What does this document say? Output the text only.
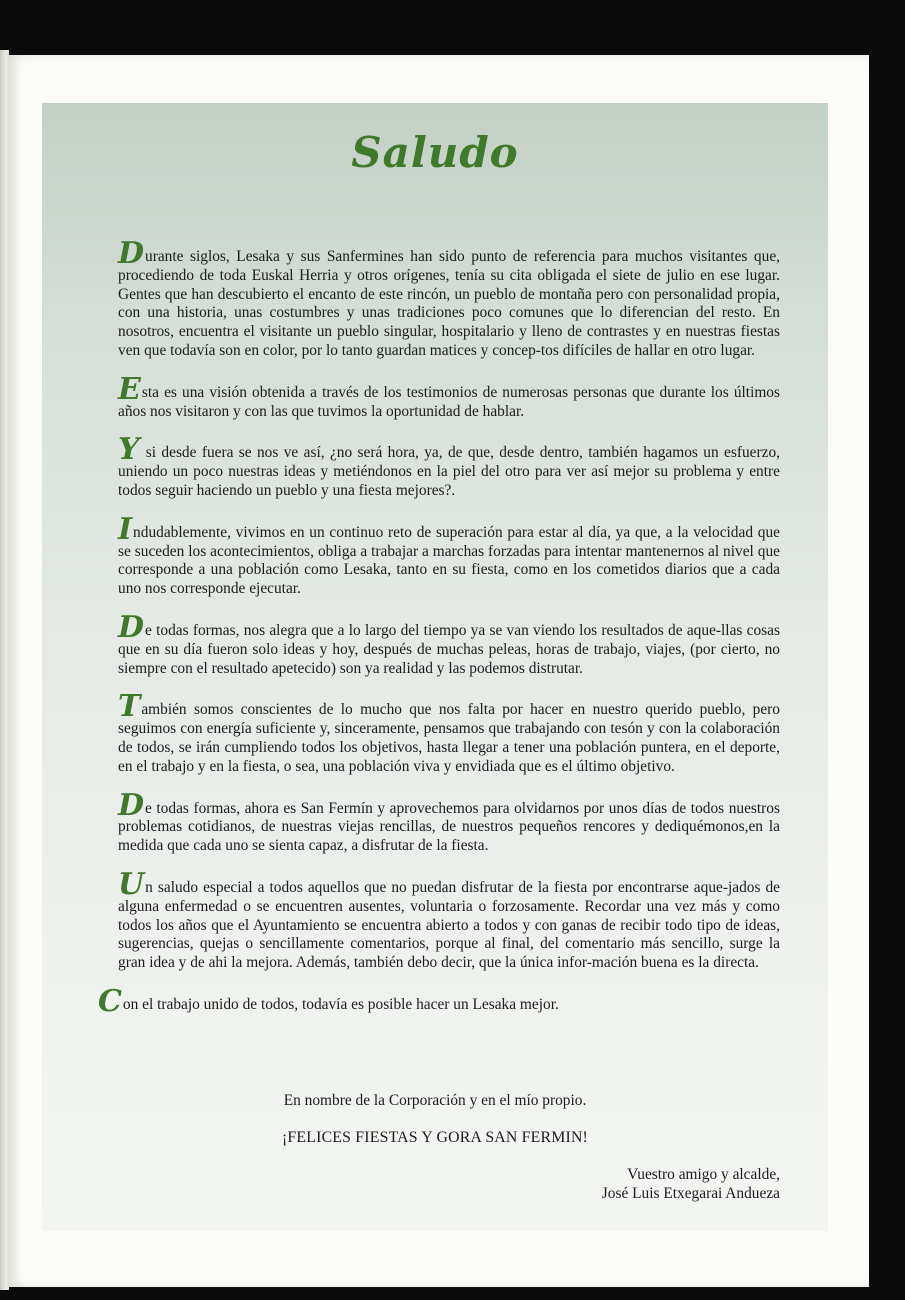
Saludo

Durante siglos, Lesaka y sus Sanfermines han sido punto de referencia para muchos visitantes que, procediendo de toda Euskal Herria y otros orígenes, tenía su cita obligada el siete de julio en ese lugar. Gentes que han descubierto el encanto de este rincón, un pueblo de montaña pero con personalidad propia, con una historia, unas costumbres y unas tradiciones poco comunes que lo diferencian del resto. En nosotros, encuentra el visitante un pueblo singular, hospitalario y lleno de contrastes y en nuestras fiestas ven que todavía son en color, por lo tanto guardan matices y concep-tos difíciles de hallar en otro lugar.

Esta es una visión obtenida a través de los testimonios de numerosas personas que durante los últimos años nos visitaron y con las que tuvimos la oportunidad de hablar.

Y si desde fuera se nos ve así, ¿no será hora, ya, de que, desde dentro, también hagamos un esfuerzo, uniendo un poco nuestras ideas y metiéndonos en la piel del otro para ver así mejor su problema y entre todos seguir haciendo un pueblo y una fiesta mejores?.

Indudablemente, vivimos en un continuo reto de superación para estar al día, ya que, a la velocidad que se suceden los acontecimientos, obliga a trabajar a marchas forzadas para intentar mantenernos al nivel que corresponde a una población como Lesaka, tanto en su fiesta, como en los cometidos diarios que a cada uno nos corresponde ejecutar.

De todas formas, nos alegra que a lo largo del tiempo ya se van viendo los resultados de aque-llas cosas que en su día fueron solo ideas y hoy, después de muchas peleas, horas de trabajo, viajes, (por cierto, no siempre con el resultado apetecido) son ya realidad y las podemos distrutar.

También somos conscientes de lo mucho que nos falta por hacer en nuestro querido pueblo, pero seguimos con energía suficiente y, sinceramente, pensamos que trabajando con tesón y con la colaboración de todos, se irán cumpliendo todos los objetivos, hasta llegar a tener una población puntera, en el deporte, en el trabajo y en la fiesta, o sea, una población viva y envidiada que es el último objetivo.

De todas formas, ahora es San Fermín y aprovechemos para olvidarnos por unos días de todos nuestros problemas cotidianos, de nuestras viejas rencillas, de nuestros pequeños rencores y dediquémonos,en la medida que cada uno se sienta capaz, a disfrutar de la fiesta.

Un saludo especial a todos aquellos que no puedan disfrutar de la fiesta por encontrarse aque-jados de alguna enfermedad o se encuentren ausentes, voluntaria o forzosamente. Recordar una vez más y como todos los años que el Ayuntamiento se encuentra abierto a todos y con ganas de recibir todo tipo de ideas, sugerencias, quejas o sencillamente comentarios, porque al final, del comentario más sencillo, surge la gran idea y de ahi la mejora. Además, también debo decir, que la única infor-mación buena es la directa.

Con el trabajo unido de todos, todavía es posible hacer un Lesaka mejor.

En nombre de la Corporación y en el mío propio.
¡FELICES FIESTAS Y GORA SAN FERMIN!
Vuestro amigo y alcalde,
José Luis Etxegarai Andueza
